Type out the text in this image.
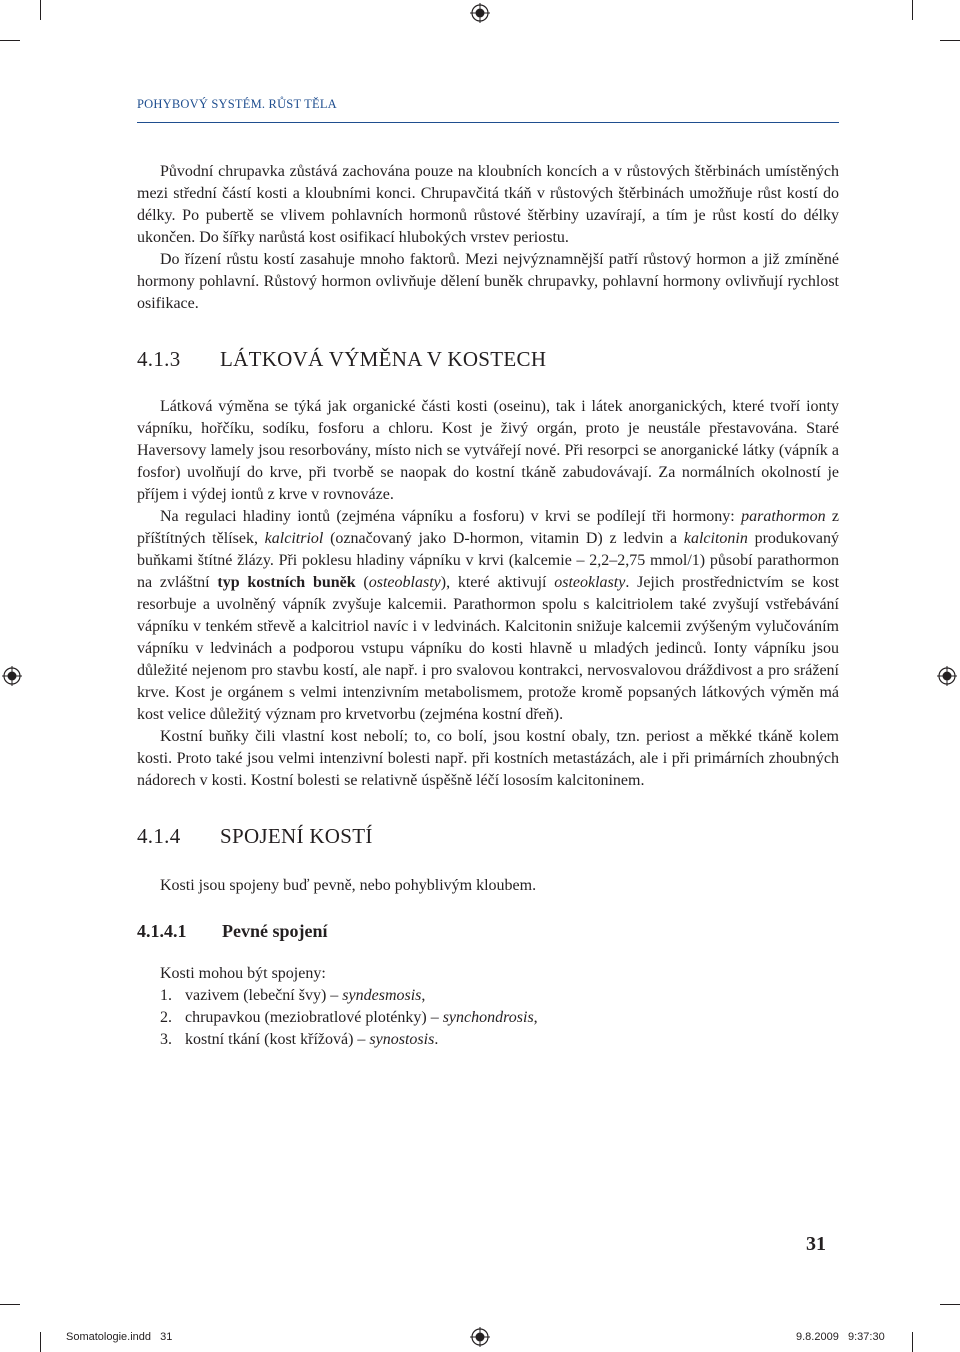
POHYBOVÝ SYSTÉM. RŮST TĚLA

Původní chrupavka zůstává zachována pouze na kloubních koncích a v růstových štěrbinách umístěných mezi střední částí kosti a kloubními konci. Chrupavčitá tkáň v růstových štěrbinách umožňuje růst kostí do délky. Po pubertě se vlivem pohlavních hormonů růstové štěrbiny uzavírají, a tím je růst kostí do délky ukončen. Do šířky narůstá kost osifikací hlubokých vrstev periostu.

Do řízení růstu kostí zasahuje mnoho faktorů. Mezi nejvýznamnější patří růstový hormon a již zmíněné hormony pohlavní. Růstový hormon ovlivňuje dělení buněk chrupavky, pohlavní hormony ovlivňují rychlost osifikace.

4.1.3	LÁTKOVÁ VÝMĚNA V KOSTECH

Látková výměna se týká jak organické části kosti (oseinu), tak i látek anorganických, které tvoří ionty vápníku, hořčíku, sodíku, fosforu a chloru. Kost je živý orgán, proto je neustále přestavována. Staré Haversovy lamely jsou resorbovány, místo nich se vytvářejí nové. Při resorpci se anorganické látky (vápník a fosfor) uvolňují do krve, při tvorbě se naopak do kostní tkáně zabudovávají. Za normálních okolností je příjem i výdej iontů z krve v rovnováze.

Na regulaci hladiny iontů (zejména vápníku a fosforu) v krvi se podílejí tři hormony: parathormon z příštítných tělísek, kalcitriol (označovaný jako D-hormon, vitamin D) z ledvin a kalcitonin produkovaný buňkami štítné žlázy. Při poklesu hladiny vápníku v krvi (kalcemie – 2,2–2,75 mmol/1) působí parathormon na zvláštní typ kostních buněk (osteoblasty), které aktivují osteoklasty. Jejich prostřednictvím se kost resorbuje a uvolněný vápník zvyšuje kalcemii. Parathormon spolu s kalcitriolem také zvyšují vstřebávání vápníku v tenkém střevě a kalcitriol navíc i v ledvinách. Kalcitonin snižuje kalcemii zvýšeným vylučováním vápníku v ledvinách a podporou vstupu vápníku do kosti hlavně u mladých jedinců. Ionty vápníku jsou důležité nejenom pro stavbu kostí, ale např. i pro svalovou kontrakci, nervosvalovou dráždivost a pro srážení krve. Kost je orgánem s velmi intenzivním metabolismem, protože kromě popsaných látkových výměn má kost velice důležitý význam pro krvetvorbu (zejména kostní dřeň).

Kostní buňky čili vlastní kost nebolí; to, co bolí, jsou kostní obaly, tzn. periost a měkké tkáně kolem kosti. Proto také jsou velmi intenzivní bolesti např. při kostních metastázách, ale i při primárních zhoubných nádorech v kosti. Kostní bolesti se relativně úspěšně léčí lososím kalcitoninem.

4.1.4	SPOJENÍ KOSTÍ

Kosti jsou spojeny buď pevně, nebo pohyblivým kloubem.

4.1.4.1	Pevné spojení

Kosti mohou být spojeny:

1. vazivem (lebeční švy) – syndesmosis,
2. chrupavkou (meziobratlové ploténky) – synchondrosis,
3. kostní tkání (kost křížová) – synostosis.
31
Somatologie.indd   31	9.8.2009   9:37:30
